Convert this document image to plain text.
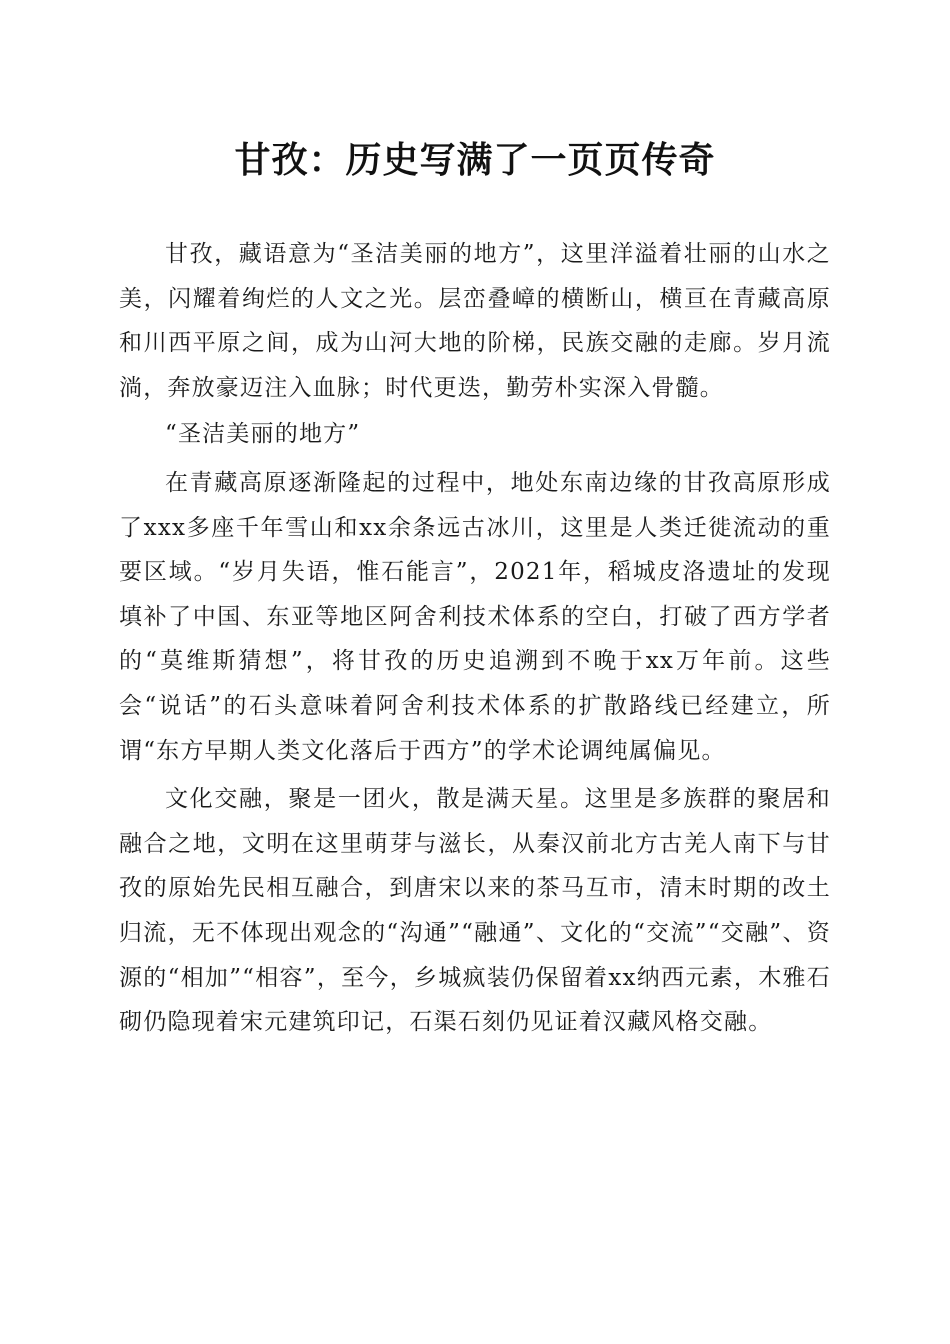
甘孜：历史写满了一页页传奇

甘孜，藏语意为“圣洁美丽的地方”，这里洋溢着壮丽的山水之美，闪耀着绚烂的人文之光。层峦叠嶂的横断山，横亘在青藏高原和川西平原之间，成为山河大地的阶梯，民族交融的走廊。岁月流淌，奔放豪迈注入血脉；时代更迭，勤劳朴实深入骨髓。

“圣洁美丽的地方”

在青藏高原逐渐隆起的过程中，地处东南边缘的甘孜高原形成了xxx多座千年雪山和xx余条远古冰川，这里是人类迁徙流动的重要区域。“岁月失语，惟石能言”，2021年，稻城皮洛遗址的发现填补了中国、东亚等地区阿舍利技术体系的空白，打破了西方学者的“莫维斯猜想”，将甘孜的历史追溯到不晚于xx万年前。这些会“说话”的石头意味着阿舍利技术体系的扩散路线已经建立，所谓“东方早期人类文化落后于西方”的学术论调纯属偏见。

文化交融，聚是一团火，散是满天星。这里是多族群的聚居和融合之地，文明在这里萌芽与滋长，从秦汉前北方古羌人南下与甘孜的原始先民相互融合，到唐宋以来的茶马互市，清末时期的改土归流，无不体现出观念的“沟通”“融通”、文化的“交流”“交融”、资源的“相加”“相容”，至今，乡城疯装仍保留着xx纳西元素，木雅石砌仍隐现着宋元建筑印记，石渠石刻仍见证着汉藏风格交融。
